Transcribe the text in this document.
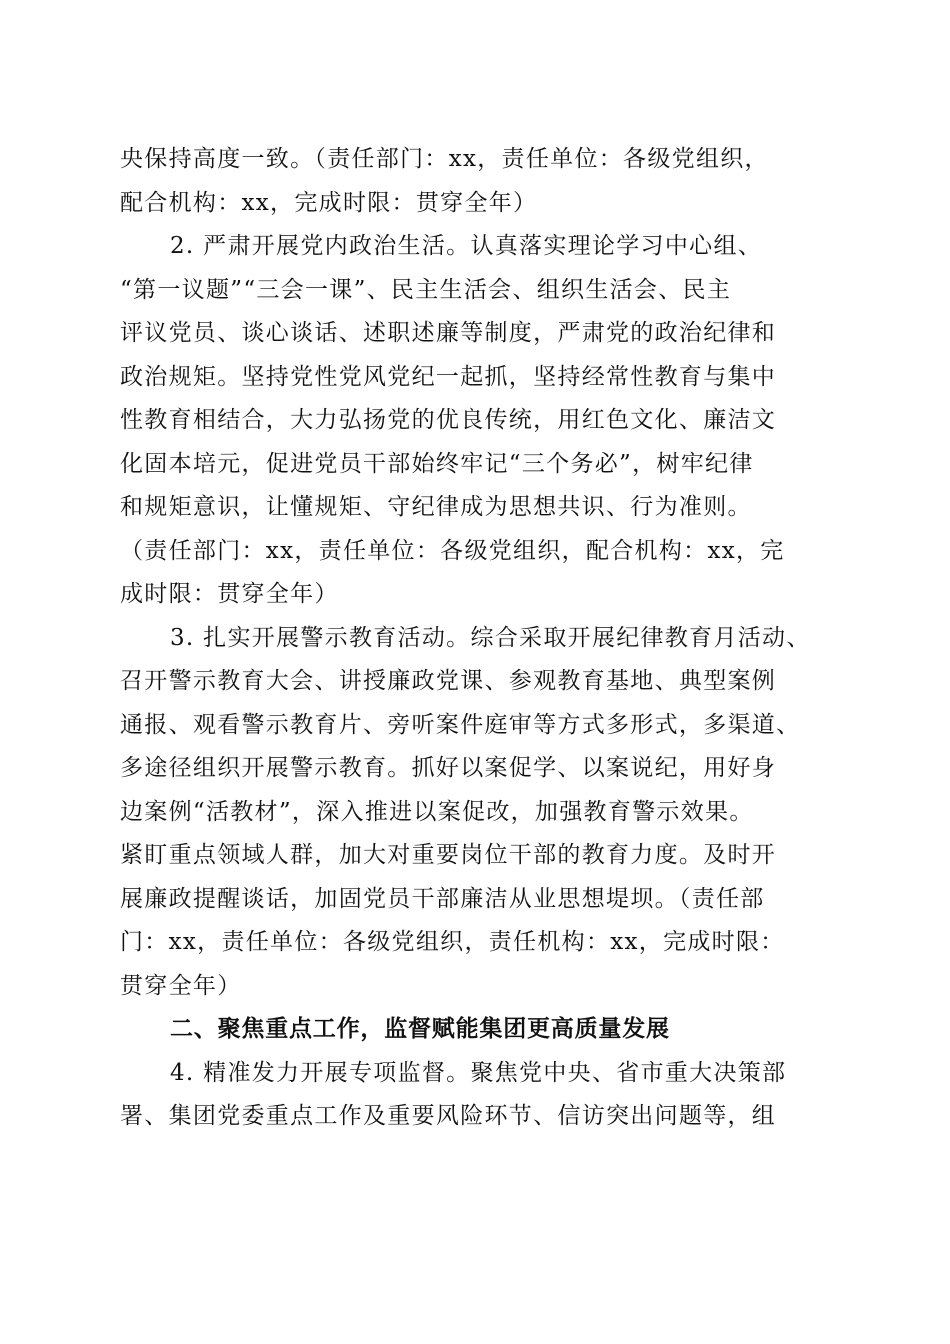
央保持高度一致。（责任部门：xx，责任单位：各级党组织，
配合机构：xx，完成时限：贯穿全年）
2. 严肃开展党内政治生活。认真落实理论学习中心组、
“第一议题”“三会一课”、民主生活会、组织生活会、民主
评议党员、谈心谈话、述职述廉等制度，严肃党的政治纪律和
政治规矩。坚持党性党风党纪一起抓，坚持经常性教育与集中
性教育相结合，大力弘扬党的优良传统，用红色文化、廉洁文
化固本培元，促进党员干部始终牢记“三个务必”，树牢纪律
和规矩意识，让懂规矩、守纪律成为思想共识、行为准则。
（责任部门：xx，责任单位：各级党组织，配合机构：xx，完
成时限：贯穿全年）
3. 扎实开展警示教育活动。综合采取开展纪律教育月活动、
召开警示教育大会、讲授廉政党课、参观教育基地、典型案例
通报、观看警示教育片、旁听案件庭审等方式多形式，多渠道、
多途径组织开展警示教育。抓好以案促学、以案说纪，用好身
边案例“活教材”，深入推进以案促改，加强教育警示效果。
紧盯重点领域人群，加大对重要岗位干部的教育力度。及时开
展廉政提醒谈话，加固党员干部廉洁从业思想堤坝。（责任部
门：xx，责任单位：各级党组织，责任机构：xx，完成时限：
贯穿全年）
二、聚焦重点工作，监督赋能集团更高质量发展
4. 精准发力开展专项监督。聚焦党中央、省市重大决策部
署、集团党委重点工作及重要风险环节、信访突出问题等，组
